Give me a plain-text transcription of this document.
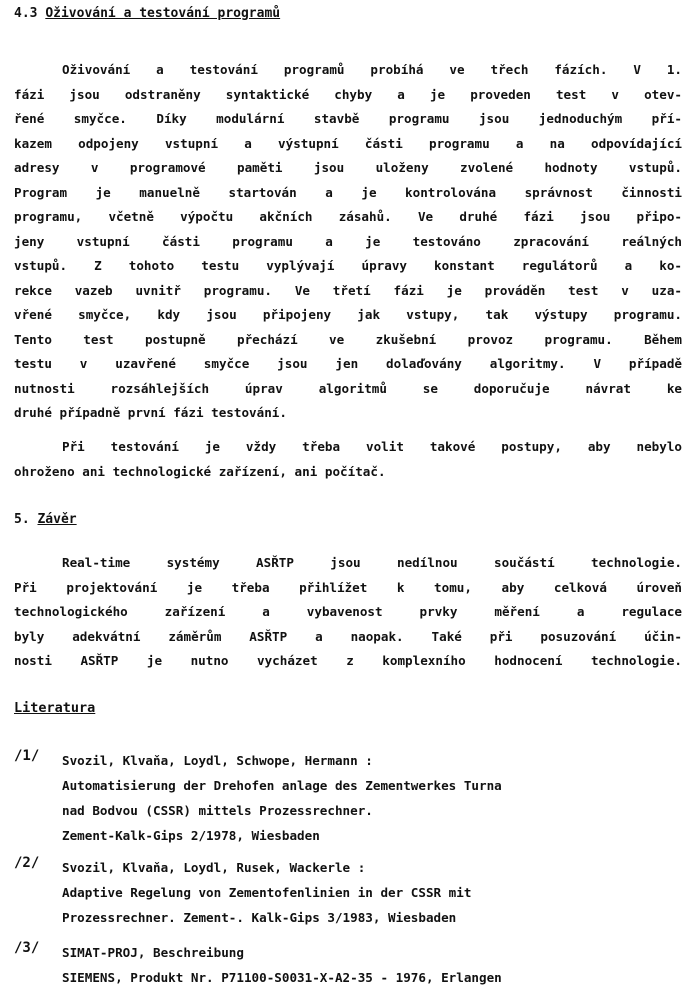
4.3 Oživování a testování programů
Oživování a testování programů probíhá ve třech fázích. V 1.
fázi jsou odstraněny syntaktické chyby a je proveden test v otev-
řené smyčce. Díky modulární stavbě programu jsou jednoduchým pří-
kazem odpojeny vstupní a výstupní části programu a na odpovídající
adresy v programové paměti jsou uloženy zvolené hodnoty vstupů.
Program je manuelně startován a je kontrolována správnost činnosti
programu, včetně výpočtu akčních zásahů. Ve druhé fázi jsou připo-
jeny vstupní části programu a je testováno zpracování reálných
vstupů. Z tohoto testu vyplývají úpravy konstant regulátorů a ko-
rekce vazeb uvnitř programu. Ve třetí fázi je prováděn test v uza-
vřené smyčce, kdy jsou připojeny jak vstupy, tak výstupy programu.
Tento test postupně přechází ve zkušební provoz programu. Během
testu v uzavřené smyčce jsou jen dolaďovány algoritmy. V případě
nutnosti rozsáhlejších úprav algoritmů se doporučuje návrat ke
druhé případně první fázi testování.
Při testování je vždy třeba volit takové postupy, aby nebylo
ohroženo ani technologické zařízení, ani počítač.
5. Závěr
Real-time systémy ASŘTP jsou nedílnou součástí technologie.
Při projektování je třeba přihlížet k tomu, aby celková úroveň
technologického zařízení a vybavenost prvky měření a regulace
byly adekvátní záměrům ASŘTP a naopak. Také při posuzování účin-
nosti ASŘTP je nutno vycházet z komplexního hodnocení technologie.
Literatura
/1/ Svozil, Klvaňa, Loydl, Schwope, Hermann :
Automatisierung der Drehofen anlage des Zementwerkes Turna
nad Bodvou (CSSR) mittels Prozessrechner.
Zement-Kalk-Gips 2/1978, Wiesbaden
/2/ Svozil, Klvaňa, Loydl, Rusek, Wackerle :
Adaptive Regelung von Zementofenlinien in der CSSR mit
Prozessrechner. Zement-. Kalk-Gips 3/1983, Wiesbaden
/3/ SIMAT-PROJ, Beschreibung
SIEMENS, Produkt Nr. P71100-S0031-X-A2-35 - 1976, Erlangen
